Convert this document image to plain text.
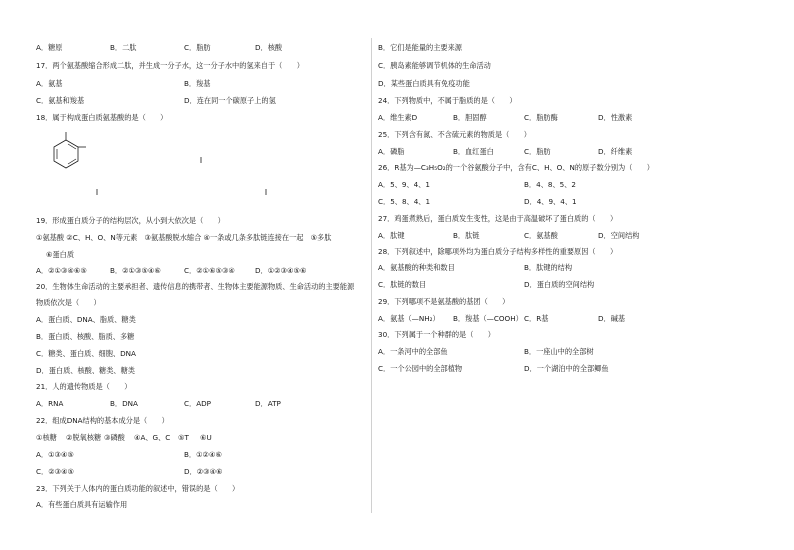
A．糖原	B．二肽	C．脂肪	D．核酸
17．两个氨基酸缩合形成二肽，并生成一分子水，这一分子水中的氢来自于（　　）
A．氨基	B．羧基
C．氨基和羧基	D．连在同一个碳原子上的氢
18．属于构成蛋白质氨基酸的是（　　）
19．形成蛋白质分子的结构层次，从小到大依次是（　　）
①氨基酸 ②C、H、O、N等元素　③氨基酸脱水缩合 ④一条或几条多肽链连接在一起　⑤多肽
⑥蛋白质
A．②①③④⑥⑤	B．②①③⑤④⑥	C．②①⑥⑤③④	D．①②③④⑤⑥
20．生物体生命活动的主要承担者、遗传信息的携带者、生物体主要能源物质、生命活动的主要能源
物质依次是（　　）
A．蛋白质、DNA、脂质、糖类
B．蛋白质、核酸、脂质、多糖
C．糖类、蛋白质、细胞、DNA
D．蛋白质、核酸、糖类、糖类
21．人的遗传物质是（　　）
A．RNA	B．DNA	C．ADP	D．ATP
22．组成DNA结构的基本成分是（　　）
①核糖 ②脱氧核糖 ③磷酸 ④A、G、C ⑤T ⑥U
A．①③④⑤	B．①②④⑥
C．②③④⑤	D．②③④⑥
23．下列关于人体内的蛋白质功能的叙述中，错误的是（　　）
A．有些蛋白质具有运输作用
B．它们是能量的主要来源
C．胰岛素能够调节机体的生命活动
D．某些蛋白质具有免疫功能
24．下列物质中，不属于脂质的是（　　）
A．维生素D	B．胆固醇	C．脂肪酶	D．性激素
25．下列含有氮、不含硫元素的物质是（　　）
A．磷脂	B．血红蛋白	C．脂肪	D．纤维素
26．R基为—C₃H₅O₂的一个谷氨酸分子中，含有C、H、O、N的原子数分别为（　　）
A．5、9、4、1	B．4、8、5、2
C．5、8、4、1	D．4、9、4、1
27．鸡蛋煮熟后，蛋白质发生变性，这是由于高温破坏了蛋白质的（　　）
A．肽键	B．肽链	C．氨基酸	D．空间结构
28．下列叙述中，除哪项外均为蛋白质分子结构多样性的重要原因（　　）
A．氨基酸的种类和数目	B．肽键的结构
C．肽链的数目	D．蛋白质的空间结构
29．下列哪项不是氨基酸的基团（　　）
A．氨基（—NH₂） B．羧基（—COOH） C．R基	D．碱基
30．下列属于一个种群的是（　　）
A．一条河中的全部鱼	B．一座山中的全部树
C．一个公园中的全部植物	D．一个湖泊中的全部鲫鱼
